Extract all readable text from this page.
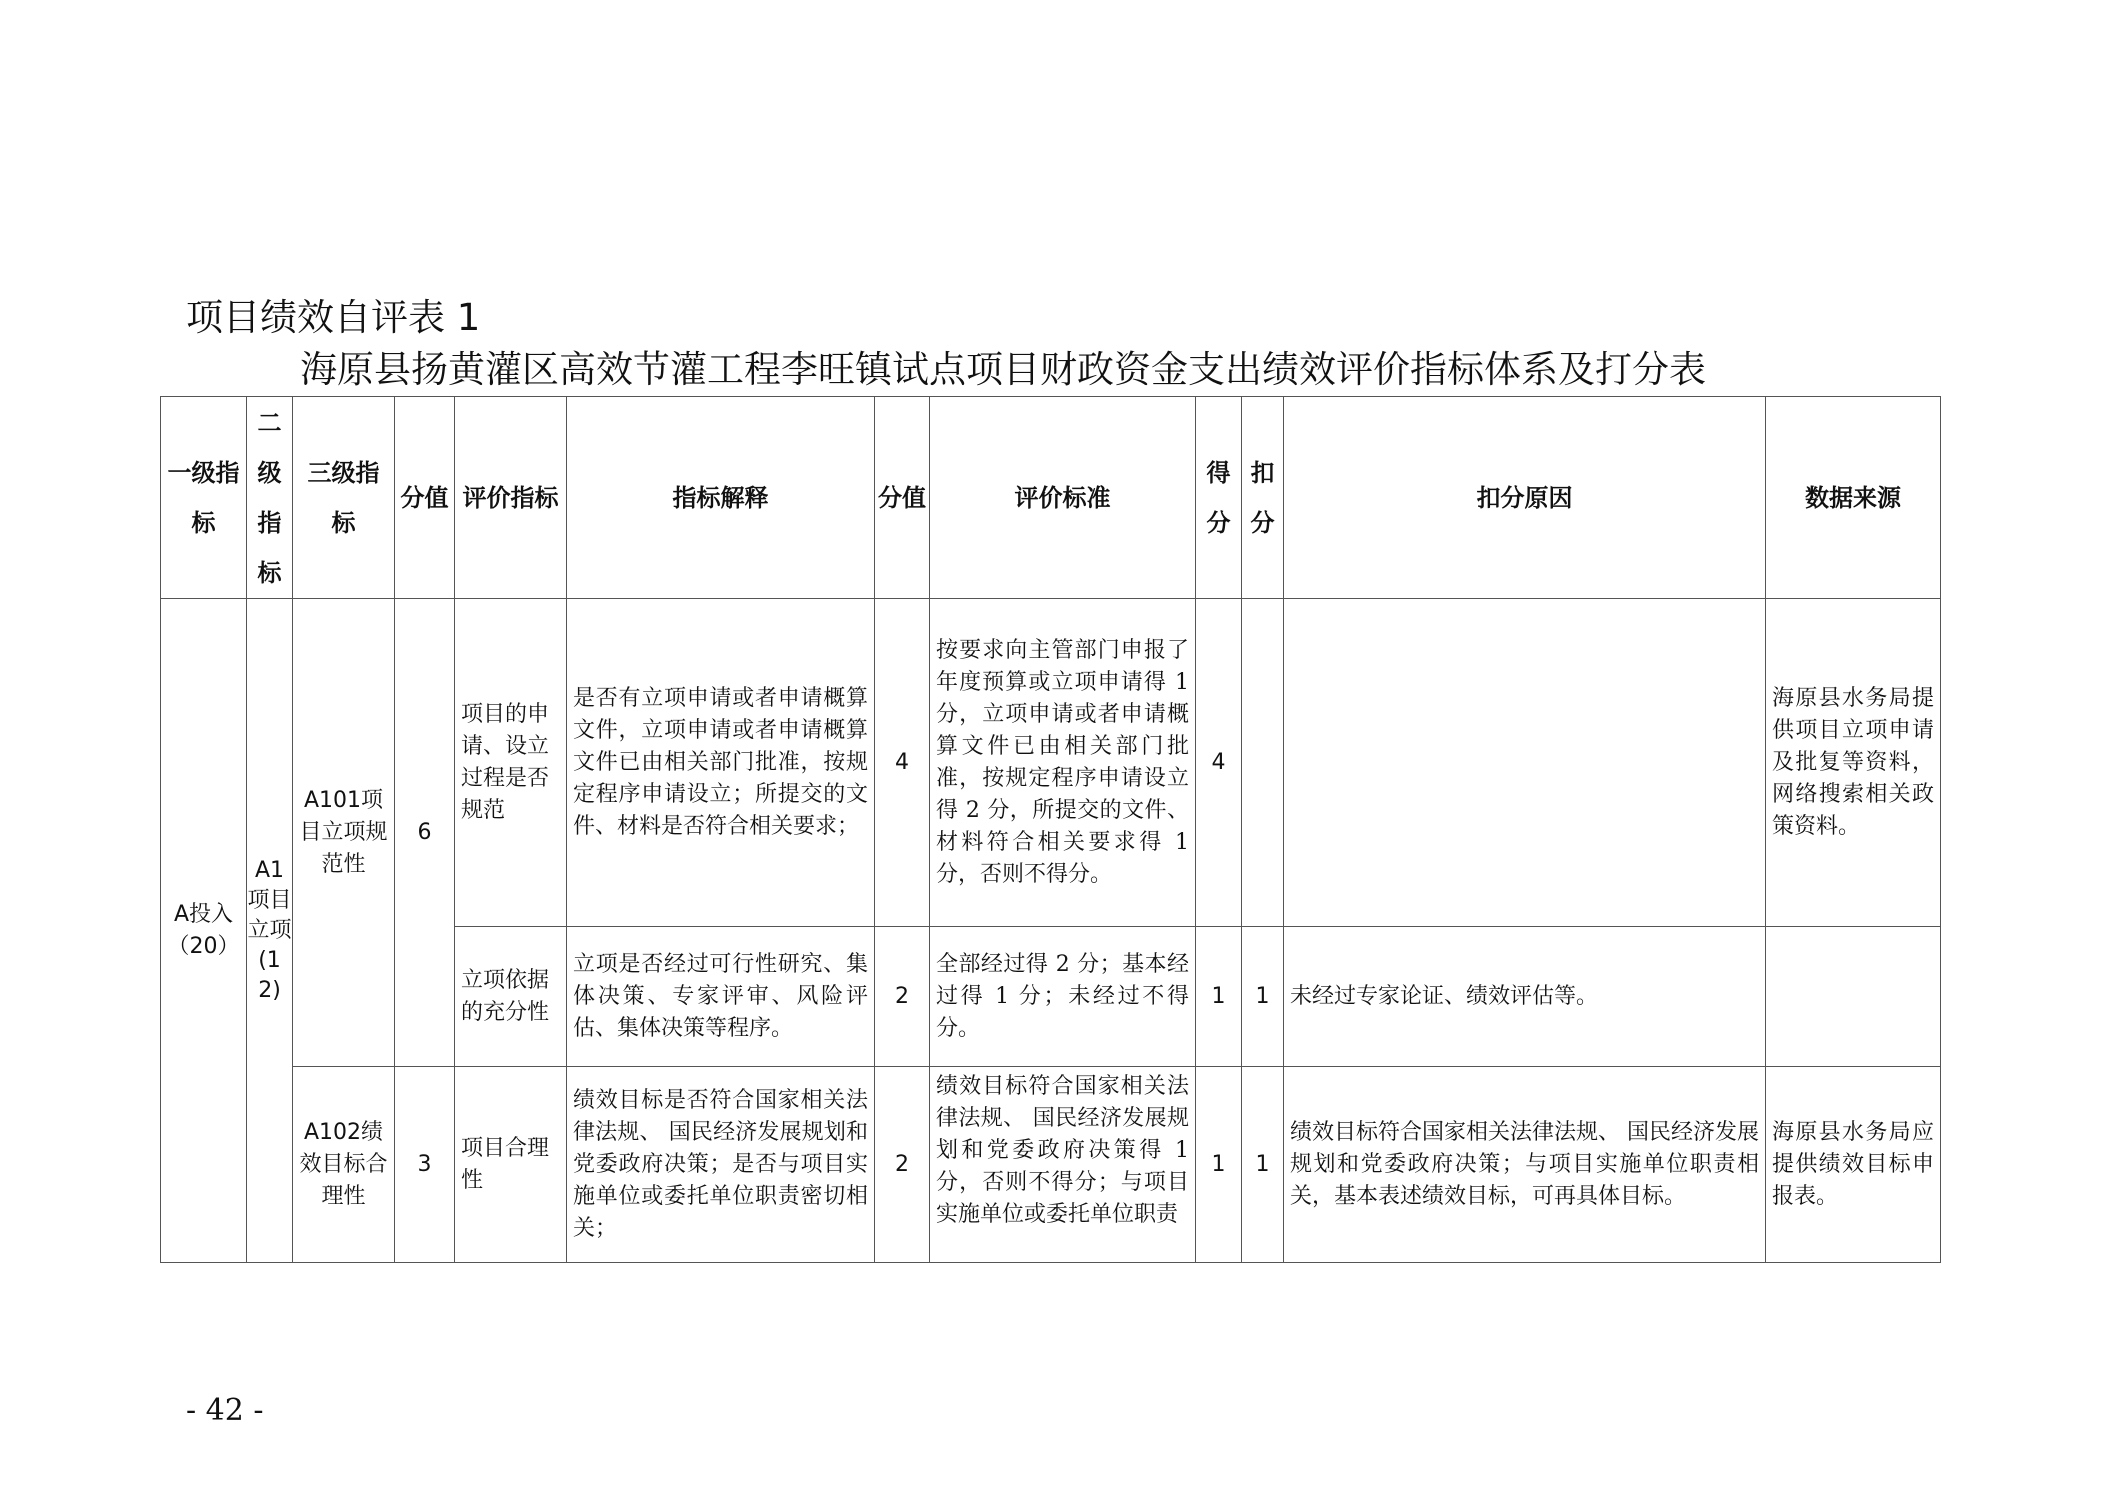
项目绩效自评表 1
海原县扬黄灌区高效节灌工程李旺镇试点项目财政资金支出绩效评价指标体系及打分表
一级指标	二级指标	三级指标	分值	评价指标	指标解释	分值	评价标准	得分	扣分	扣分原因	数据来源
A投入（20）	A1项目立项(12)	A101项目立项规范性	6	项目的申请、设立过程是否规范	是否有立项申请或者申请概算文件，立项申请或者申请概算文件已由相关部门批准，按规定程序申请设立；所提交的文件、材料是否符合相关要求；	4	按要求向主管部门申报了年度预算或立项申请得 1 分，立项申请或者申请概算文件已由相关部门批准，按规定程序申请设立得 2 分，所提交的文件、材料符合相关要求得 1 分，否则不得分。	4			海原县水务局提供项目立项申请及批复等资料，网络搜索相关政策资料。
				立项依据的充分性	立项是否经过可行性研究、集体决策、专家评审、风险评估、集体决策等程序。	2	全部经过得 2 分；基本经过得 1 分；未经过不得分。	1	1	未经过专家论证、绩效评估等。	
		A102绩效目标合理性	3	项目合理性	绩效目标是否符合国家相关法律法规、 国民经济发展规划和党委政府决策；是否与项目实施单位或委托单位职责密切相关；	2	绩效目标符合国家相关法律法规、 国民经济发展规划和党委政府决策得 1 分，否则不得分；与项目实施单位或委托单位职责	1	1	绩效目标符合国家相关法律法规、 国民经济发展规划和党委政府决策；与项目实施单位职责相关，基本表述绩效目标，可再具体目标。	海原县水务局应提供绩效目标申报表。
- 42 -
